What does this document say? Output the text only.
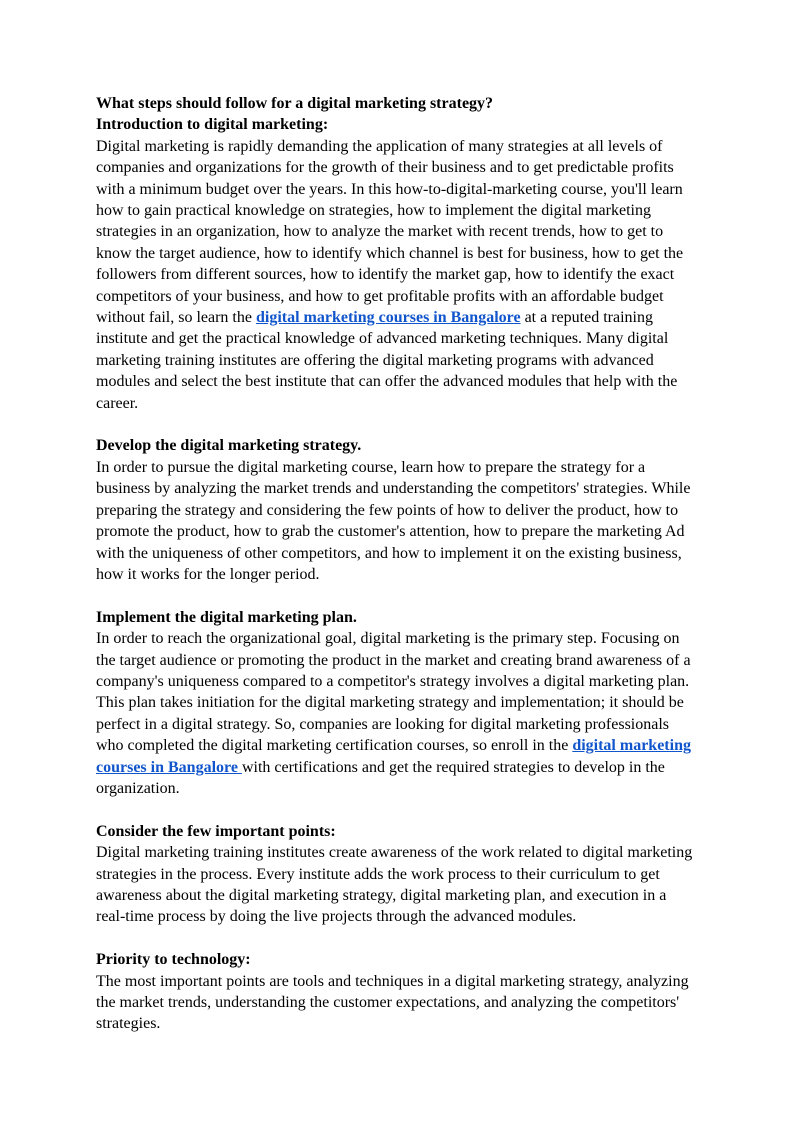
What steps should follow for a digital marketing strategy?

Introduction to digital marketing:

Digital marketing is rapidly demanding the application of many strategies at all levels of companies and organizations for the growth of their business and to get predictable profits with a minimum budget over the years. In this how-to-digital-marketing course, you'll learn how to gain practical knowledge on strategies, how to implement the digital marketing strategies in an organization, how to analyze the market with recent trends, how to get to know the target audience, how to identify which channel is best for business, how to get the followers from different sources, how to identify the market gap, how to identify the exact competitors of your business, and how to get profitable profits with an affordable budget without fail, so learn the digital marketing courses in Bangalore at a reputed training institute and get the practical knowledge of advanced marketing techniques. Many digital marketing training institutes are offering the digital marketing programs with advanced modules and select the best institute that can offer the advanced modules that help with the career.

Develop the digital marketing strategy.

In order to pursue the digital marketing course, learn how to prepare the strategy for a business by analyzing the market trends and understanding the competitors' strategies. While preparing the strategy and considering the few points of how to deliver the product, how to promote the product, how to grab the customer's attention, how to prepare the marketing Ad with the uniqueness of other competitors, and how to implement it on the existing business, how it works for the longer period.

Implement the digital marketing plan.

In order to reach the organizational goal, digital marketing is the primary step. Focusing on the target audience or promoting the product in the market and creating brand awareness of a company's uniqueness compared to a competitor's strategy involves a digital marketing plan. This plan takes initiation for the digital marketing strategy and implementation; it should be perfect in a digital strategy. So, companies are looking for digital marketing professionals who completed the digital marketing certification courses, so enroll in the digital marketing courses in Bangalore with certifications and get the required strategies to develop in the organization.

Consider the few important points:

Digital marketing training institutes create awareness of the work related to digital marketing strategies in the process. Every institute adds the work process to their curriculum to get awareness about the digital marketing strategy, digital marketing plan, and execution in a real-time process by doing the live projects through the advanced modules.

Priority to technology:

The most important points are tools and techniques in a digital marketing strategy, analyzing the market trends, understanding the customer expectations, and analyzing the competitors' strategies.
